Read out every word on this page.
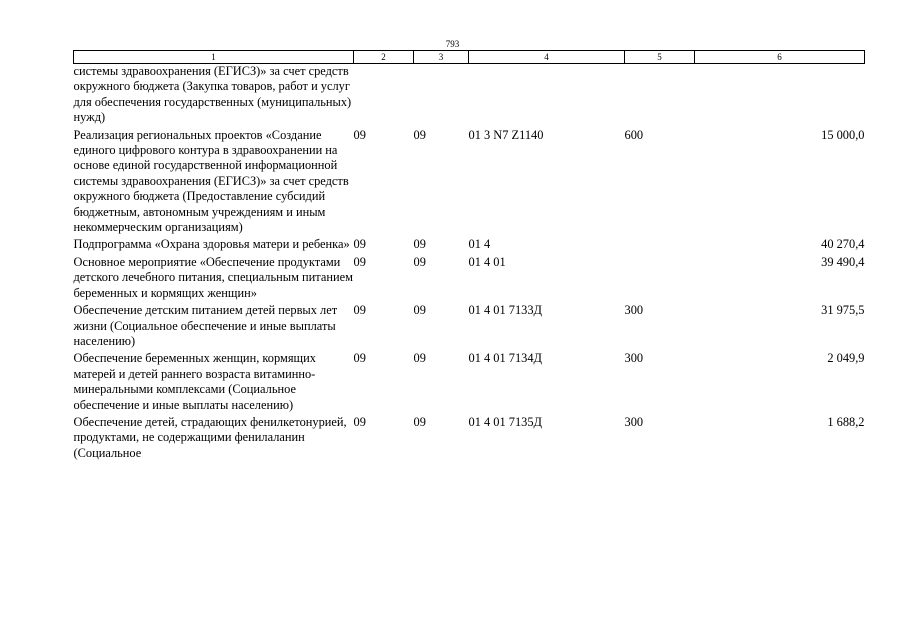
793
1	2	3	4	5	6
системы здравоохранения (ЕГИСЗ)» за счет средств окружного бюджета (Закупка товаров, работ и услуг для обеспечения государственных (муниципальных) нужд)					
Реализация региональных проектов «Создание единого цифрового контура в здравоохранении на основе единой государственной информационной системы здравоохранения (ЕГИСЗ)» за счет средств окружного бюджета (Предоставление субсидий бюджетным, автономным учреждениям и иным некоммерческим организациям)	09	09	01 3 N7 Z1140	600	15 000,0
Подпрограмма «Охрана здоровья матери и ребенка»	09	09	01 4		40 270,4
Основное мероприятие «Обеспечение продуктами детского лечебного питания, специальным питанием беременных и кормящих женщин»	09	09	01 4 01		39 490,4
Обеспечение детским питанием детей первых лет жизни (Социальное обеспечение и иные выплаты населению)	09	09	01 4 01 7133Д	300	31 975,5
Обеспечение беременных женщин, кормящих матерей и детей раннего возраста витаминно-минеральными комплексами (Социальное обеспечение и иные выплаты населению)	09	09	01 4 01 7134Д	300	2 049,9
Обеспечение детей, страдающих фенилкетонурией, продуктами, не содержащими фенилаланин (Социальное	09	09	01 4 01 7135Д	300	1 688,2
